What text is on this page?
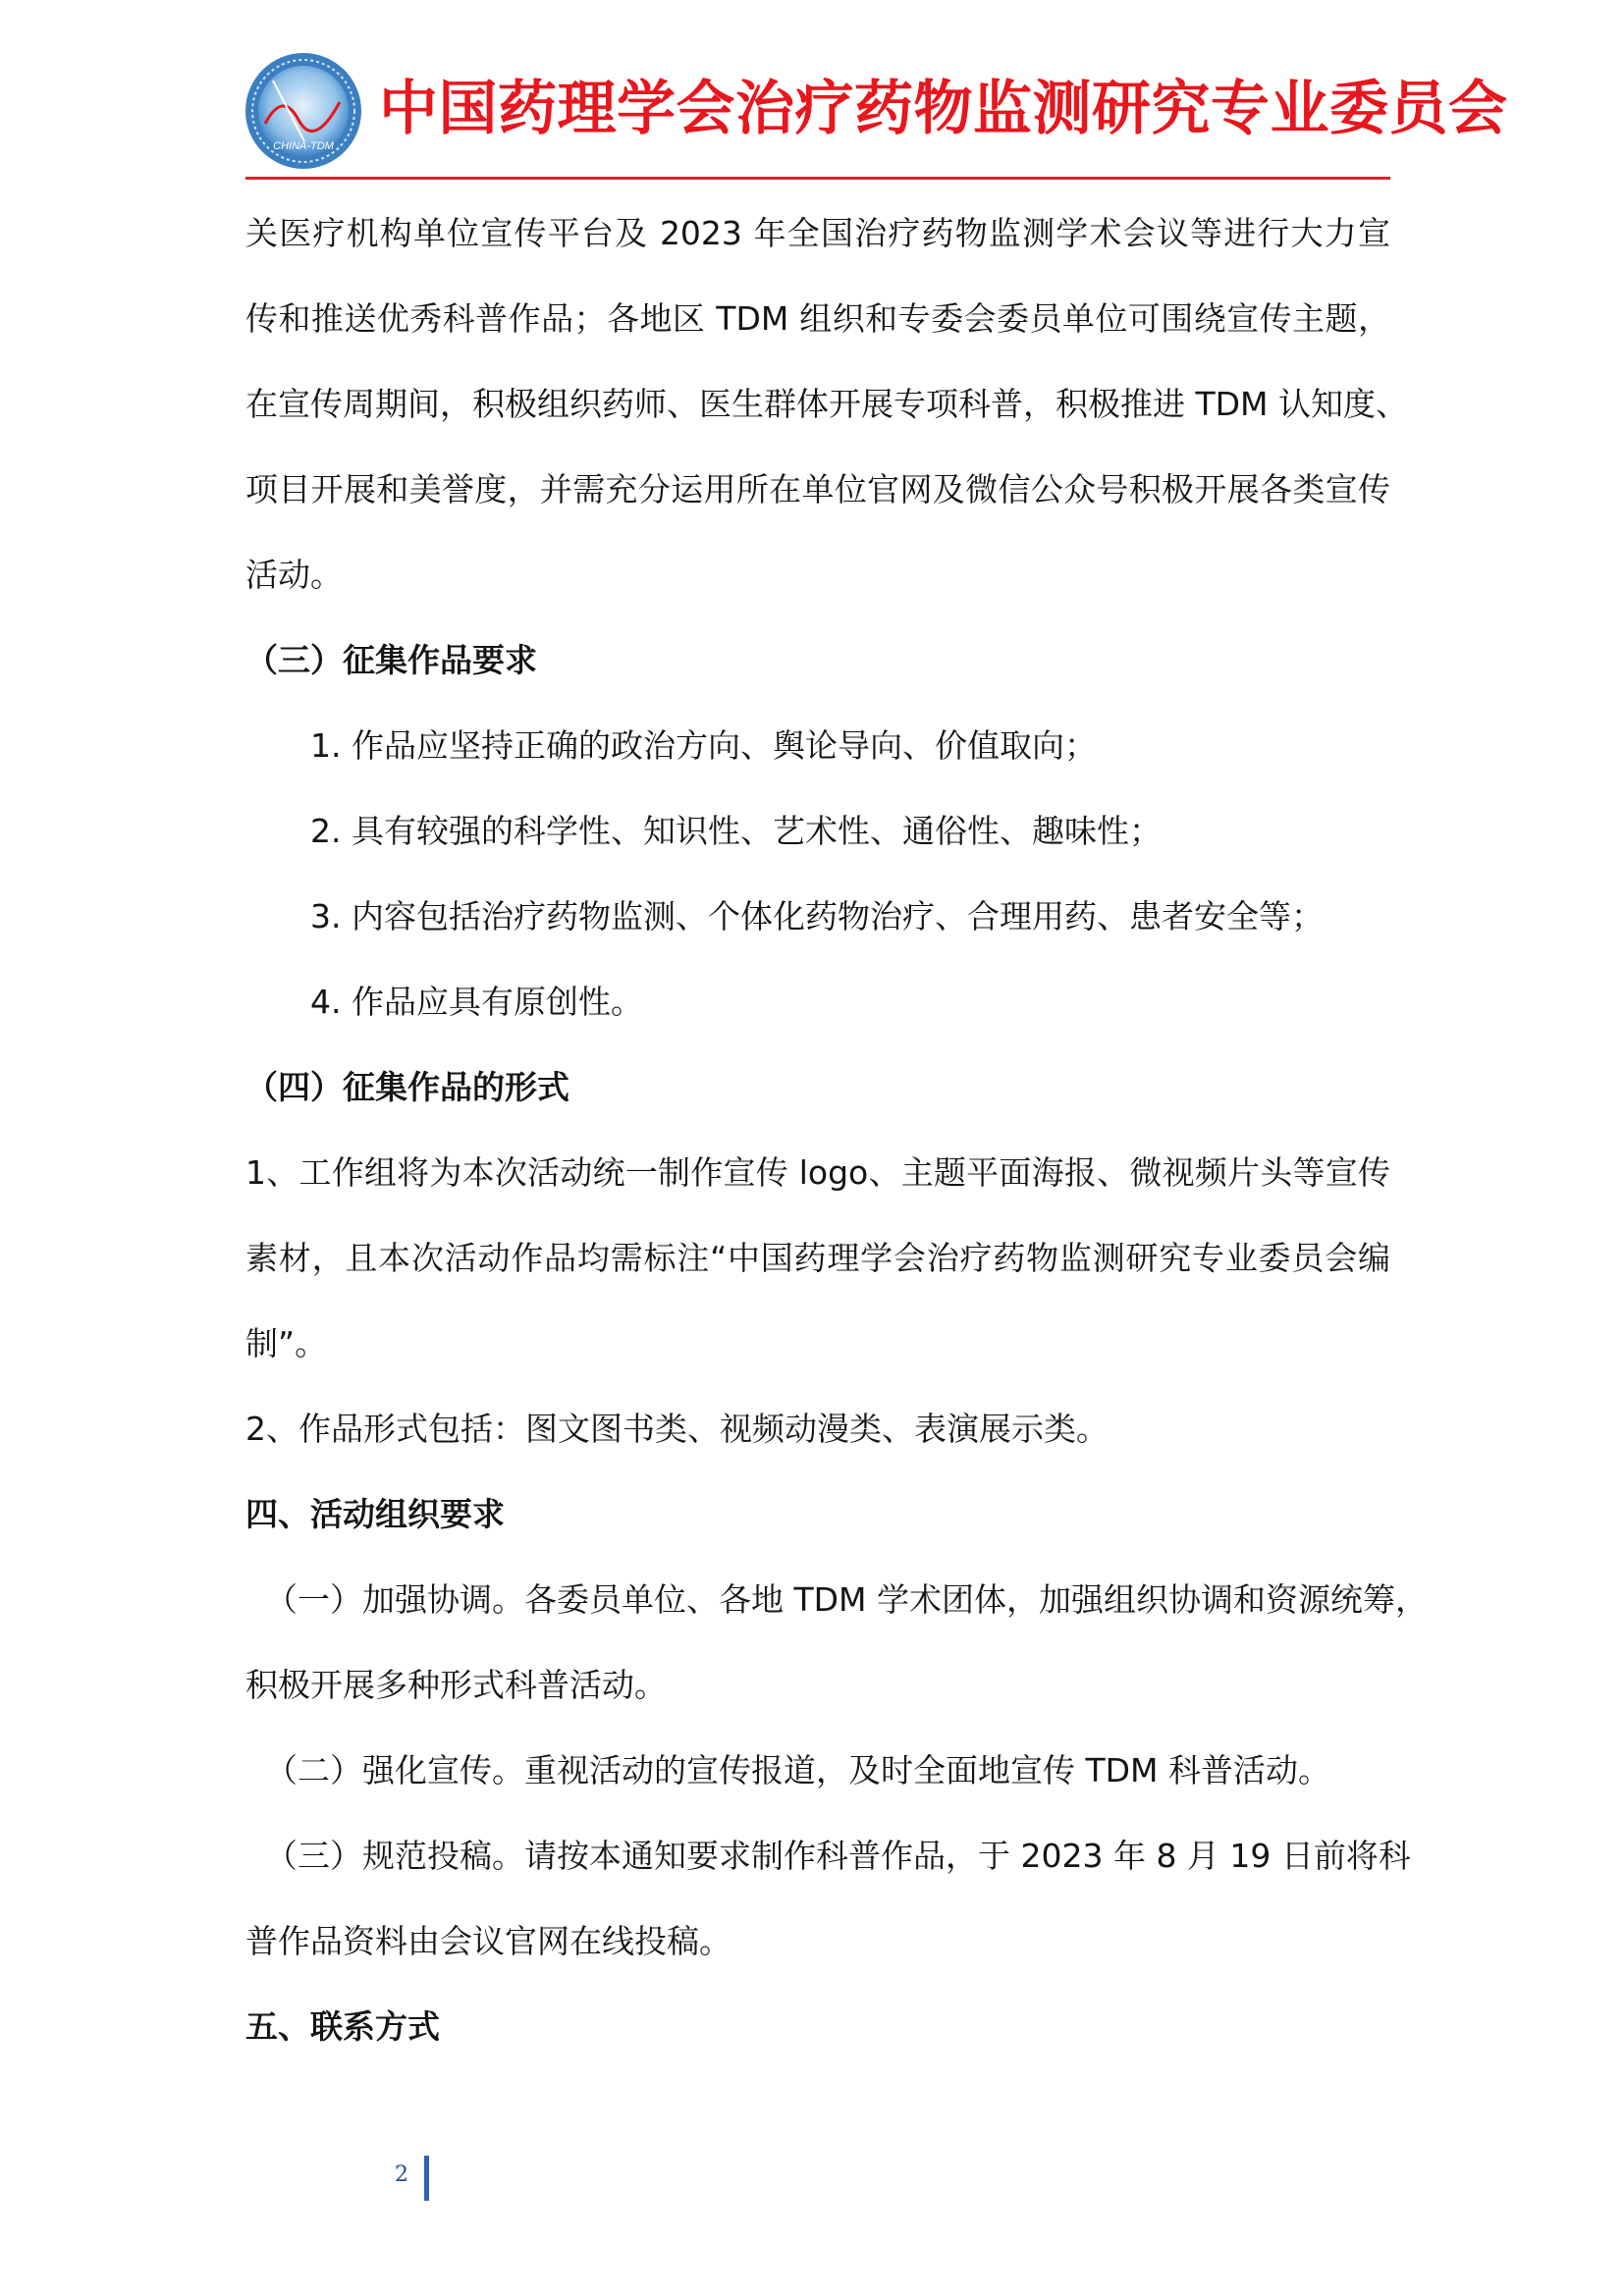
CHINA-TDM
中国药理学会治疗药物监测研究专业委员会
关医疗机构单位宣传平台及 2023 年全国治疗药物监测学术会议等进行大力宣
传和推送优秀科普作品；各地区 TDM 组织和专委会委员单位可围绕宣传主题，
在宣传周期间，积极组织药师、医生群体开展专项科普，积极推进 TDM 认知度、
项目开展和美誉度，并需充分运用所在单位官网及微信公众号积极开展各类宣传
活动。
（三）征集作品要求
1. 作品应坚持正确的政治方向、舆论导向、价值取向；
2. 具有较强的科学性、知识性、艺术性、通俗性、趣味性；
3. 内容包括治疗药物监测、个体化药物治疗、合理用药、患者安全等；
4. 作品应具有原创性。
（四）征集作品的形式
1、工作组将为本次活动统一制作宣传 logo、主题平面海报、微视频片头等宣传
素材，且本次活动作品均需标注“中国药理学会治疗药物监测研究专业委员会编
制”。
2、作品形式包括：图文图书类、视频动漫类、表演展示类。
四、活动组织要求
（一）加强协调。各委员单位、各地 TDM 学术团体，加强组织协调和资源统筹，
积极开展多种形式科普活动。
（二）强化宣传。重视活动的宣传报道，及时全面地宣传 TDM 科普活动。
（三）规范投稿。请按本通知要求制作科普作品，于 2023 年 8 月 19 日前将科
普作品资料由会议官网在线投稿。
五、联系方式
2
